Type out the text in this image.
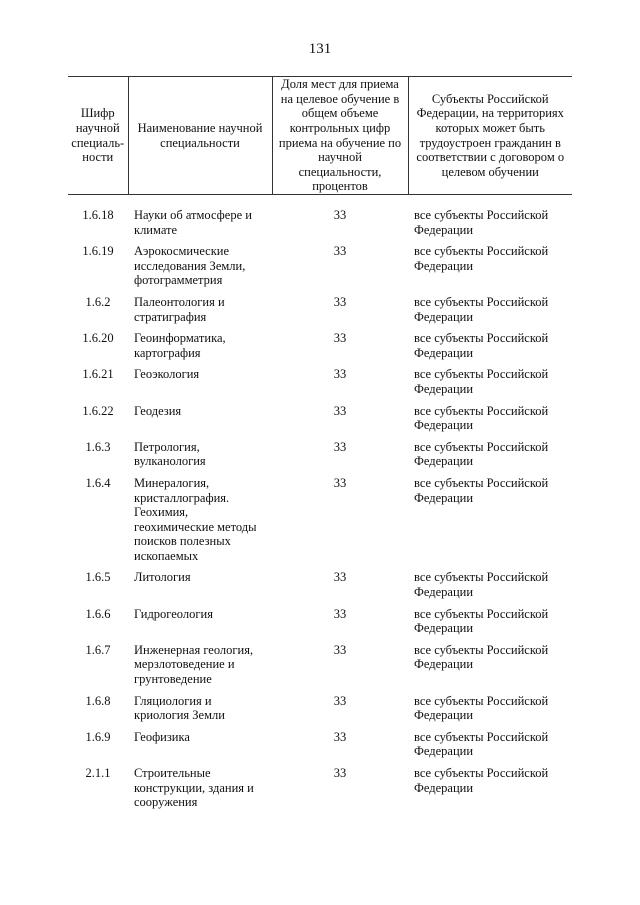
131
Шифр научной специаль-ности	Наименование научной специальности	Доля мест для приема на целевое обучение в общем объеме контрольных цифр приема на обучение по научной специальности, процентов	Субъекты Российской Федерации, на территориях которых может быть трудоустроен гражданин в соответствии с договором о целевом обучении

1.6.18	Науки об атмосфере и климате	33	все субъекты Российской Федерации
1.6.19	Аэрокосмические исследования Земли, фотограмметрия	33	все субъекты Российской Федерации
1.6.2	Палеонтология и стратиграфия	33	все субъекты Российской Федерации
1.6.20	Геоинформатика, картография	33	все субъекты Российской Федерации
1.6.21	Геоэкология	33	все субъекты Российской Федерации
1.6.22	Геодезия	33	все субъекты Российской Федерации
1.6.3	Петрология, вулканология	33	все субъекты Российской Федерации
1.6.4	Минералогия, кристаллография. Геохимия, геохимические методы поисков полезных ископаемых	33	все субъекты Российской Федерации
1.6.5	Литология	33	все субъекты Российской Федерации
1.6.6	Гидрогеология	33	все субъекты Российской Федерации
1.6.7	Инженерная геология, мерзлотоведение и грунтоведение	33	все субъекты Российской Федерации
1.6.8	Гляциология и криология Земли	33	все субъекты Российской Федерации
1.6.9	Геофизика	33	все субъекты Российской Федерации
2.1.1	Строительные конструкции, здания и сооружения	33	все субъекты Российской Федерации
